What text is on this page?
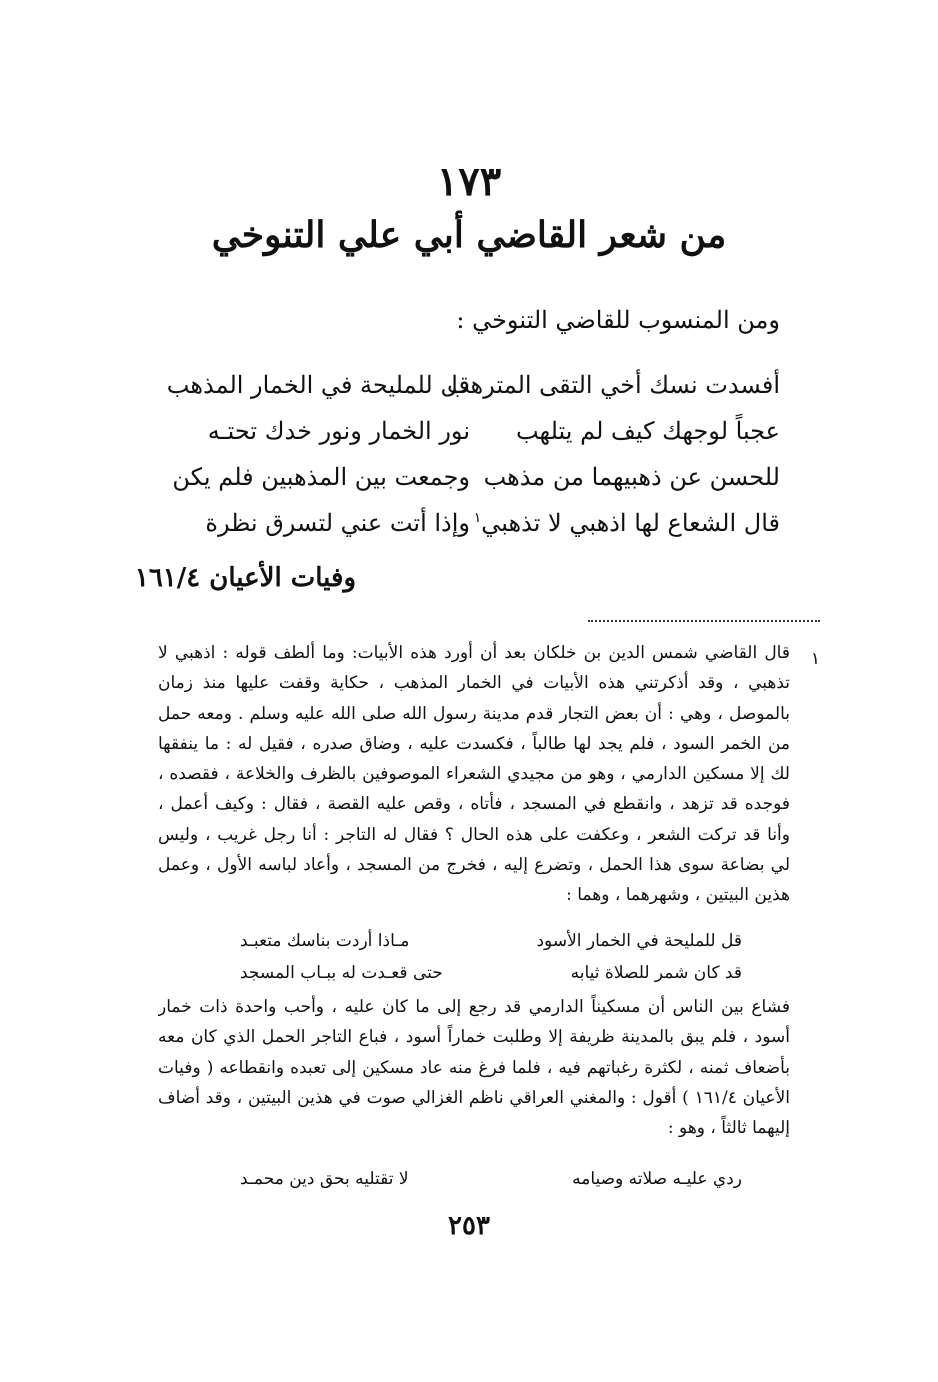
١٧٣
من شعر القاضي أبي علي التنوخي
ومن المنسوب للقاضي التنوخي :
أفسدت نسك أخي التقى المترهب
قل للمليحة في الخمار المذهب
عجباً لوجهك كيف لم يتلهب
نور الخمار ونور خدك تحتـه
للحسن عن ذهبيهما من مذهب
وجمعت بين المذهبين فلم يكن
قال الشعاع لها اذهبي لا تذهبي$^١$
وإذا أتت عني لتسرق نظرة
وفيات الأعيان ١٦١/٤
١
قال القاضي شمس الدين بن خلكان بعد أن أورد هذه الأبيات: وما ألطف قوله : اذهبي لا
تذهبي ، وقد أذكرتني هذه الأبيات في الخمار المذهب ، حكاية وقفت عليها منذ زمان
بالموصل ، وهي : أن بعض التجار قدم مدينة رسول الله صلى الله عليه وسلم . ومعه حمل
من الخمر السود ، فلم يجد لها طالباً ، فكسدت عليه ، وضاق صدره ، فقيل له : ما ينفقها
لك إلا مسكين الدارمي ، وهو من مجيدي الشعراء الموصوفين بالظرف والخلاعة ، فقصده ،
فوجده قد تزهد ، وانقطع في المسجد ، فأتاه ، وقص عليه القصة ، فقال : وكيف أعمل ،
وأنا قد تركت الشعر ، وعكفت على هذه الحال ؟ فقال له التاجر : أنا رجل غريب ، وليس
لي بضاعة سوى هذا الحمل ، وتضرع إليه ، فخرج من المسجد ، وأعاد لباسه الأول ، وعمل
هذين البيتين ، وشهرهما ، وهما :
قل للمليحة في الخمار الأسود
مـاذا أردت بناسك متعبـد
قد كان شمر للصلاة ثيابه
حتى قعـدت له ببـاب المسجد
فشاع بين الناس أن مسكيناً الدارمي قد رجع إلى ما كان عليه ، وأحب واحدة ذات خمار
أسود ، فلم يبق بالمدينة ظريفة إلا وطلبت خماراً أسود ، فباع التاجر الحمل الذي كان معه
بأضعاف ثمنه ، لكثرة رغباتهم فيه ، فلما فرغ منه عاد مسكين إلى تعبده وانقطاعه ( وفيات
الأعيان ١٦١/٤ ) أقول : والمغني العراقي ناظم الغزالي صوت في هذين البيتين ، وقد أضاف
إليهما ثالثاً ، وهو :
ردي عليـه صلاته وصيامه
لا تقتليه بحق دين محمـد
٢٥٣
